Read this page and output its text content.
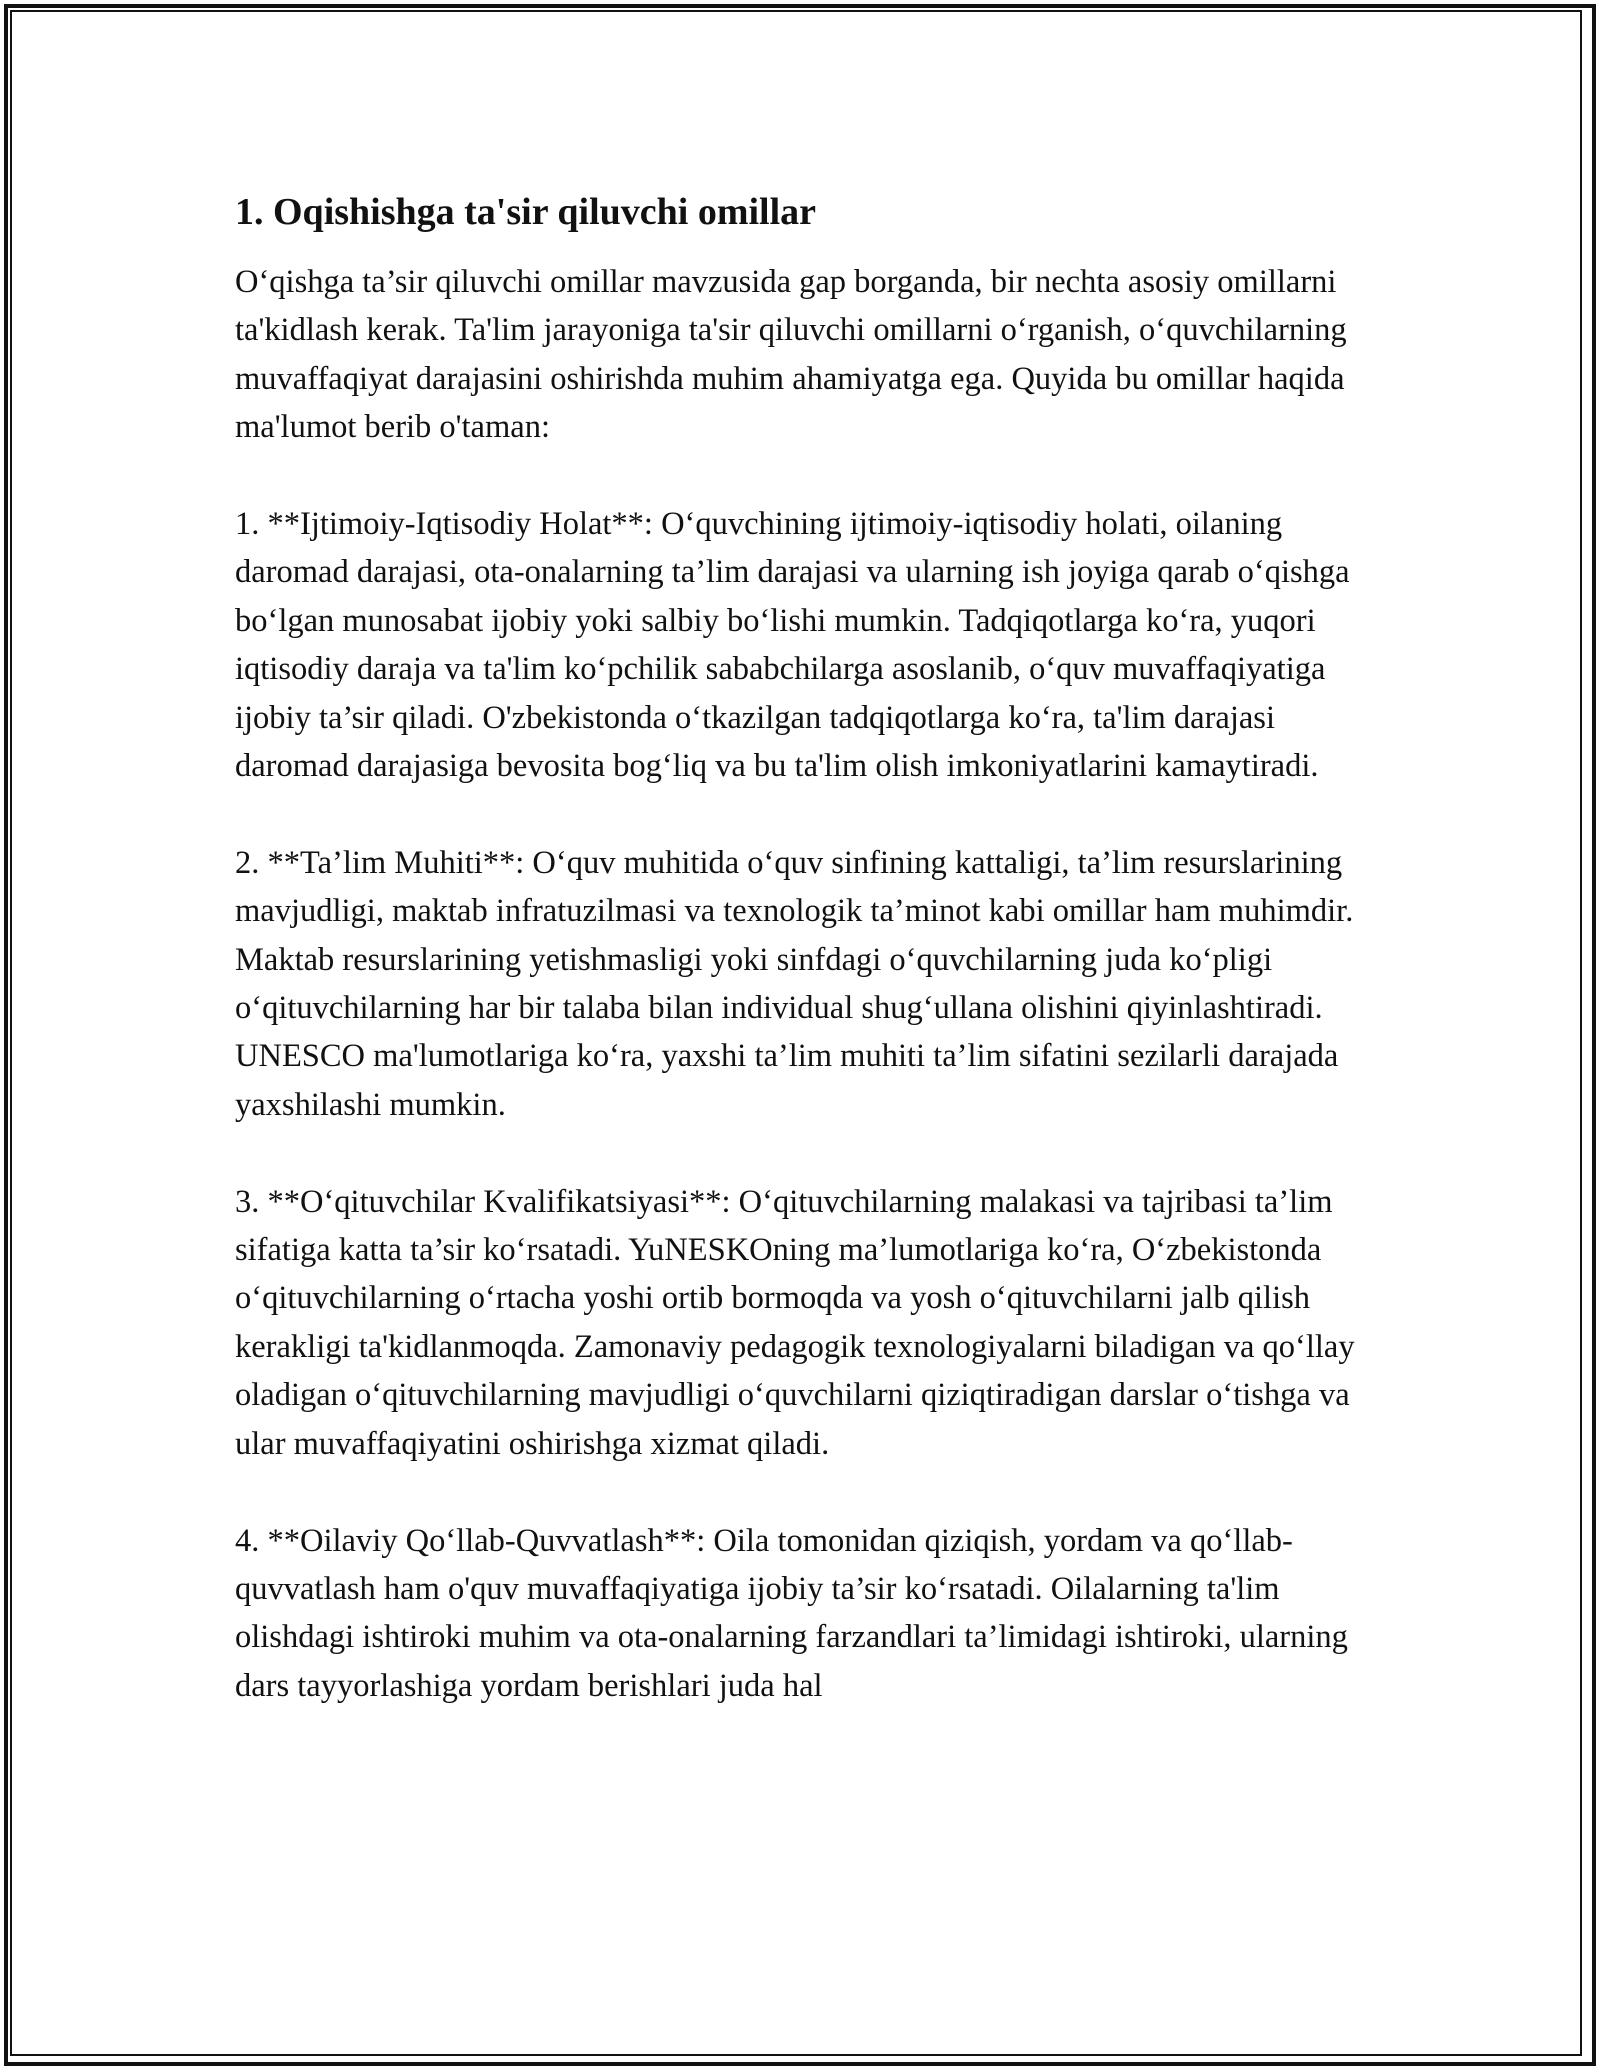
1. Oqishishga ta'sir qiluvchi omillar

O‘qishga ta’sir qiluvchi omillar mavzusida gap borganda, bir nechta asosiy omillarni ta'kidlash kerak. Ta'lim jarayoniga ta'sir qiluvchi omillarni o‘rganish, o‘quvchilarning muvaffaqiyat darajasini oshirishda muhim ahamiyatga ega. Quyida bu omillar haqida ma'lumot berib o'taman:

1. **Ijtimoiy-Iqtisodiy Holat**: O‘quvchining ijtimoiy-iqtisodiy holati, oilaning daromad darajasi, ota-onalarning ta’lim darajasi va ularning ish joyiga qarab o‘qishga bo‘lgan munosabat ijobiy yoki salbiy bo‘lishi mumkin. Tadqiqotlarga ko‘ra, yuqori iqtisodiy daraja va ta'lim ko‘pchilik sababchilarga asoslanib, o‘quv muvaffaqiyatiga ijobiy ta’sir qiladi. O'zbekistonda o‘tkazilgan tadqiqotlarga ko‘ra, ta'lim darajasi daromad darajasiga bevosita bog‘liq va bu ta'lim olish imkoniyatlarini kamaytiradi.

2. **Ta’lim Muhiti**: O‘quv muhitida o‘quv sinfining kattaligi, ta’lim resurslarining mavjudligi, maktab infratuzilmasi va texnologik ta’minot kabi omillar ham muhimdir. Maktab resurslarining yetishmasligi yoki sinfdagi o‘quvchilarning juda ko‘pligi o‘qituvchilarning har bir talaba bilan individual shug‘ullana olishini qiyinlashtiradi. UNESCO ma'lumotlariga ko‘ra, yaxshi ta’lim muhiti ta’lim sifatini sezilarli darajada yaxshilashi mumkin.

3. **O‘qituvchilar Kvalifikatsiyasi**: O‘qituvchilarning malakasi va tajribasi ta’lim sifatiga katta ta’sir ko‘rsatadi. YuNESKOning ma’lumotlariga ko‘ra, O‘zbekistonda o‘qituvchilarning o‘rtacha yoshi ortib bormoqda va yosh o‘qituvchilarni jalb qilish kerakligi ta'kidlanmoqda. Zamonaviy pedagogik texnologiyalarni biladigan va qo‘llay oladigan o‘qituvchilarning mavjudligi o‘quvchilarni qiziqtiradigan darslar o‘tishga va ular muvaffaqiyatini oshirishga xizmat qiladi.

4. **Oilaviy Qo‘llab-Quvvatlash**: Oila tomonidan qiziqish, yordam va qo‘llab-quvvatlash ham o'quv muvaffaqiyatiga ijobiy ta’sir ko‘rsatadi. Oilalarning ta'lim olishdagi ishtiroki muhim va ota-onalarning farzandlari ta’limidagi ishtiroki, ularning dars tayyorlashiga yordam berishlari juda hal
